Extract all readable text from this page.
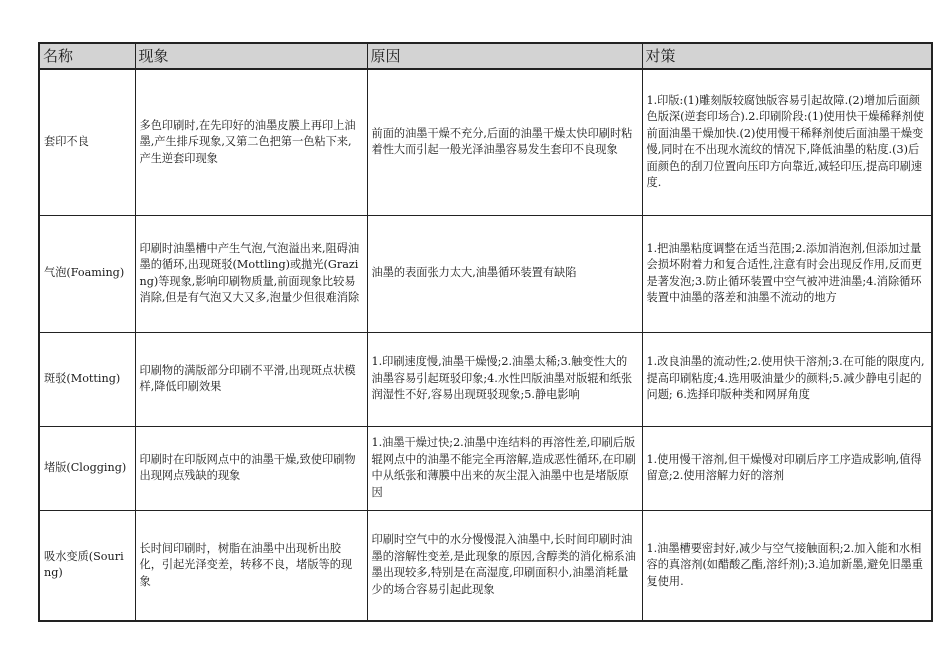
名称	现象	原因	对策
套印不良	多色印刷时,在先印好的油墨皮膜上再印上油墨,产生排斥现象,又第二色把第一色粘下来,产生逆套印现象	前面的油墨干燥不充分,后面的油墨干燥太快印刷时粘着性大而引起一般光泽油墨容易发生套印不良现象	1.印版:(1)雕刻版较腐蚀版容易引起故障.(2)增加后面颜色版深(逆套印场合).2.印刷阶段:(1)使用快干燥稀释剂使前面油墨干燥加快.(2)使用慢干稀释剂使后面油墨干燥变慢,同时在不出现水流纹的情况下,降低油墨的粘度.(3)后面颜色的刮刀位置向压印方向靠近,减轻印压,提高印刷速度.
气泡(Foaming)	印刷时油墨槽中产生气泡,气泡溢出来,阻碍油墨的循环,出现斑驳(Mottling)或拋光(Grazing)等现象,影响印刷物质量,前面现象比较易消除,但是有气泡又大又多,泡量少但很难消除	油墨的表面张力太大,油墨循环装置有缺陷	1.把油墨粘度调整在适当范围;2.添加消泡剂,但添加过量会损坏附着力和复合适性,注意有时会出现反作用,反而更是著发泡;3.防止循环装置中空气被冲进油墨;4.消除循环装置中油墨的落差和油墨不流动的地方
斑驳(Motting)	印刷物的满版部分印刷不平滑,出现斑点状模样,降低印刷效果	1.印刷速度慢,油墨干燥慢;2.油墨太稀;3.触变性大的油墨容易引起斑驳印象;4.水性凹版油墨对版辊和纸张润湿性不好,容易出现斑驳现象;5.静电影响	1.改良油墨的流动性;2.使用快干溶剂;3.在可能的限度内,提高印刷粘度;4.选用吸油量少的颜料;5.减少静电引起的问题; 6.选择印版种类和网屏角度
堵版(Clogging)	印刷时在印版网点中的油墨干燥,致使印刷物出现网点残缺的现象	1.油墨干燥过快;2.油墨中连结料的再溶性差,印刷后版辊网点中的油墨不能完全再溶解,造成恶性循环,在印刷中从纸张和薄膜中出来的灰尘混入油墨中也是堵版原因	1.使用慢干溶剂,但干燥慢对印刷后序工序造成影响,值得留意;2.使用溶解力好的溶剂
吸水变质(Souring)	长时间印刷时，树脂在油墨中出现析出胶化，引起光泽变差，转移不良，堵版等的现象	印刷时空气中的水分慢慢混入油墨中,长时间印刷时油墨的溶解性变差,是此现象的原因,含醇类的消化棉系油墨出现较多,特别是在高湿度,印刷面积小,油墨消耗量少的场合容易引起此现象	1.油墨槽要密封好,减少与空气接触面积;2.加入能和水相容的真溶剂(如醋酸乙酯,溶纤剂);3.追加新墨,避免旧墨重复使用.
